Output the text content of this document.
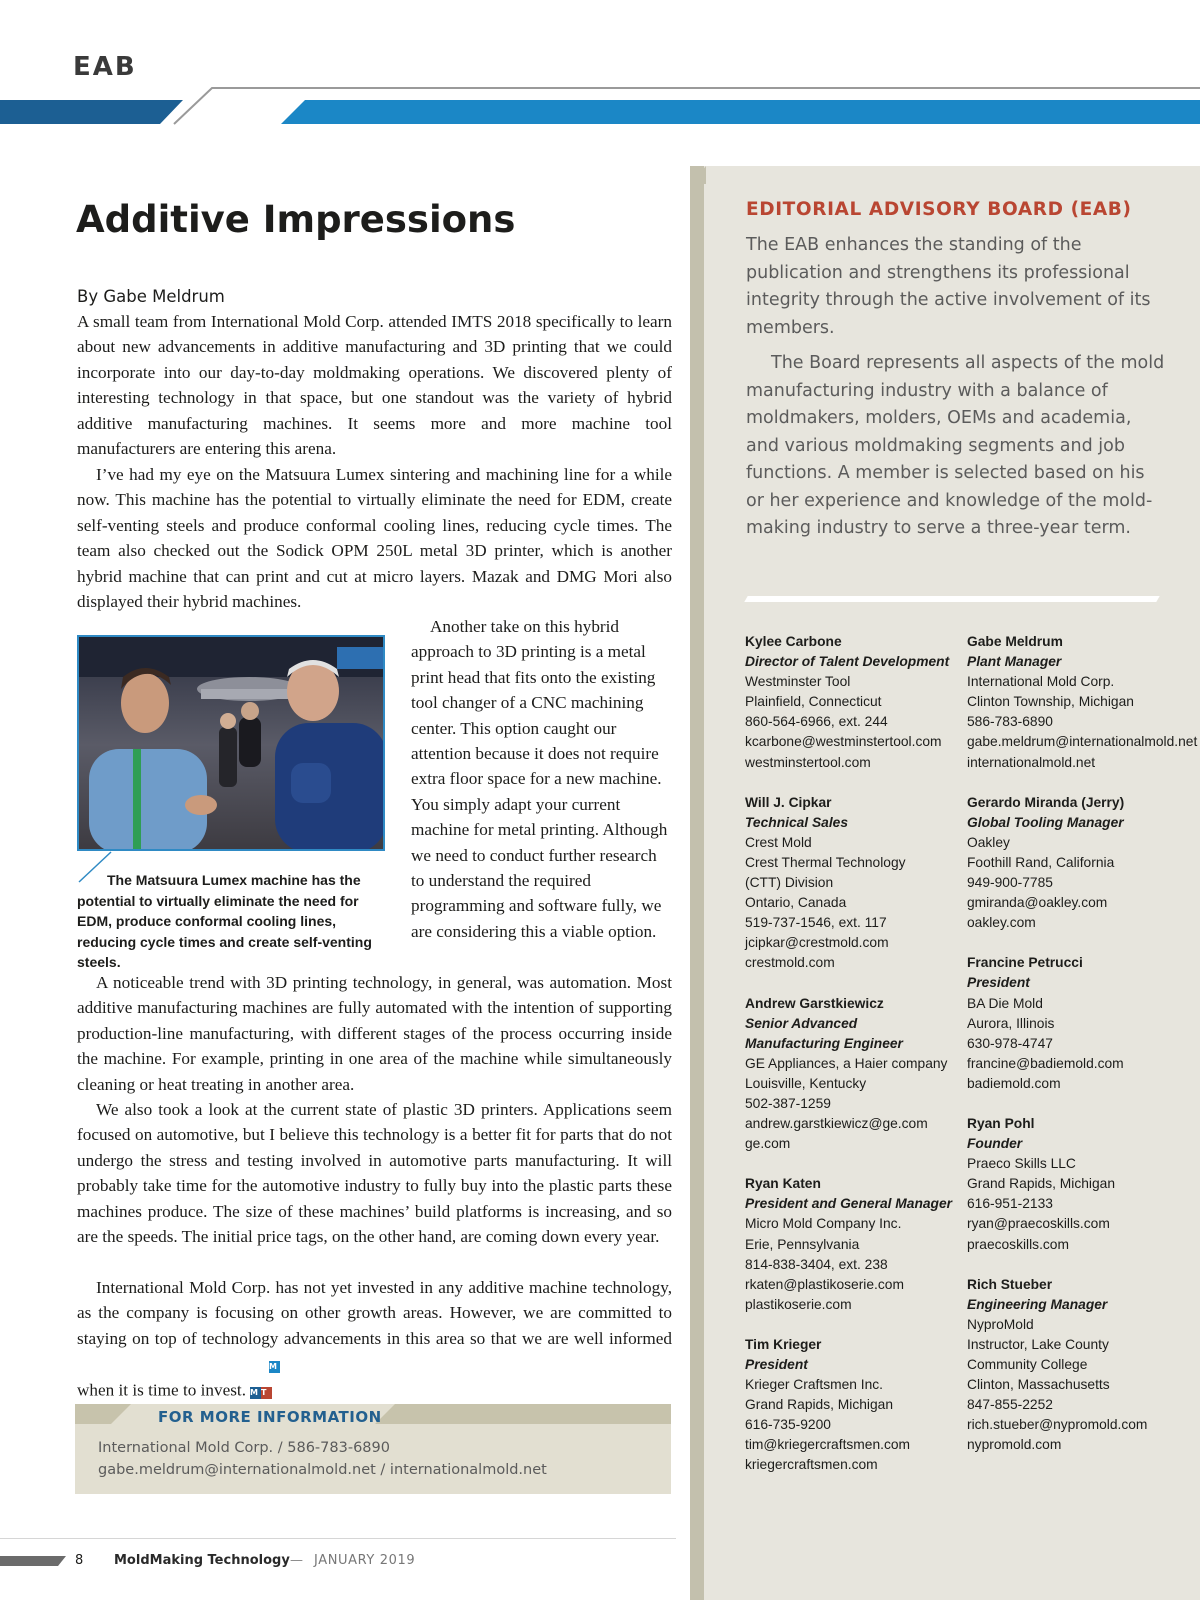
EAB
EDITORIAL ADVISORY BOARD (EAB)
The EAB enhances the standing of the publication and strengthens its professional integrity through the active involvement of its members.
The Board represents all aspects of the mold manufacturing industry with a balance of moldmakers, molders, OEMs and academia, and various moldmaking segments and job functions. A member is selected based on his or her experience and knowledge of the mold-making industry to serve a three-year term.
Kylee Carbone
Director of Talent Development
Westminster Tool
Plainfield, Connecticut
860-564-6966, ext. 244
kcarbone@westminstertool.com
westminstertool.com
Will J. Cipkar
Technical Sales
Crest Mold
Crest Thermal Technology
(CTT) Division
Ontario, Canada
519-737-1546, ext. 117
jcipkar@crestmold.com
crestmold.com
Andrew Garstkiewicz
Senior Advanced
Manufacturing Engineer
GE Appliances, a Haier company
Louisville, Kentucky
502-387-1259
andrew.garstkiewicz@ge.com
ge.com
Ryan Katen
President and General Manager
Micro Mold Company Inc.
Erie, Pennsylvania
814-838-3404, ext. 238
rkaten@plastikoserie.com
plastikoserie.com
Tim Krieger
President
Krieger Craftsmen Inc.
Grand Rapids, Michigan
616-735-9200
tim@kriegercraftsmen.com
kriegercraftsmen.com
Gabe Meldrum
Plant Manager
International Mold Corp.
Clinton Township, Michigan
586-783-6890
gabe.meldrum@internationalmold.net
internationalmold.net
Gerardo Miranda (Jerry)
Global Tooling Manager
Oakley
Foothill Rand, California
949-900-7785
gmiranda@oakley.com
oakley.com
Francine Petrucci
President
BA Die Mold
Aurora, Illinois
630-978-4747
francine@badiemold.com
badiemold.com
Ryan Pohl
Founder
Praeco Skills LLC
Grand Rapids, Michigan
616-951-2133
ryan@praecoskills.com
praecoskills.com
Rich Stueber
Engineering Manager
NyproMold
Instructor, Lake County
Community College
Clinton, Massachusetts
847-855-2252
rich.stueber@nypromold.com
nypromold.com
Additive Impressions
By Gabe Meldrum
A small team from International Mold Corp. attended IMTS 2018 specifically to learn about new advancements in additive manufacturing and 3D printing that we could incorporate into our day-to-day moldmaking operations. We discovered plenty of interesting technology in that space, but one standout was the variety of hybrid additive manufacturing machines. It seems more and more machine tool manufacturers are entering this arena.
I’ve had my eye on the Matsuura Lumex sintering and machining line for a while now. This machine has the potential to virtually eliminate the need for EDM, create self-venting steels and produce conformal cooling lines, reducing cycle times. The team also checked out the Sodick OPM 250L metal 3D printer, which is another hybrid machine that can print and cut at micro layers. Mazak and DMG Mori also displayed their hybrid machines.
Another take on this hybrid approach to 3D printing is a metal print head that fits onto the existing tool changer of a CNC machining center. This option caught our attention because it does not require extra floor space for a new machine. You simply adapt your current machine for metal printing. Although we need to conduct further research to understand the required programming and software fully, we are considering this a viable option.
The Matsuura Lumex machine has the potential to virtually eliminate the need for EDM, produce conformal cooling lines, reducing cycle times and create self-venting steels.
A noticeable trend with 3D printing technology, in general, was automation. Most additive manufacturing machines are fully automated with the intention of supporting production-line manufacturing, with different stages of the process occurring inside the machine. For example, printing in one area of the machine while simultaneously cleaning or heat treating in another area.
We also took a look at the current state of plastic 3D printers. Applications seem focused on automotive, but I believe this technology is a better fit for parts that do not undergo the stress and testing involved in automotive parts manufacturing. It will probably take time for the automotive industry to fully buy into the plastic parts these machines produce. The size of these machines’ build platforms is increasing, and so are the speeds. The initial price tags, on the other hand, are coming down every year.
International Mold Corp. has not yet invested in any additive machine technology, as the company is focusing on other growth areas. However, we are committed to staying on top of technology advancements in this area so that we are well informed when it is time to invest.MM T
FOR MORE INFORMATION
International Mold Corp. / 586-783-6890
gabe.meldrum@internationalmold.net / internationalmold.net
8 MoldMaking Technology — JANUARY 2019
